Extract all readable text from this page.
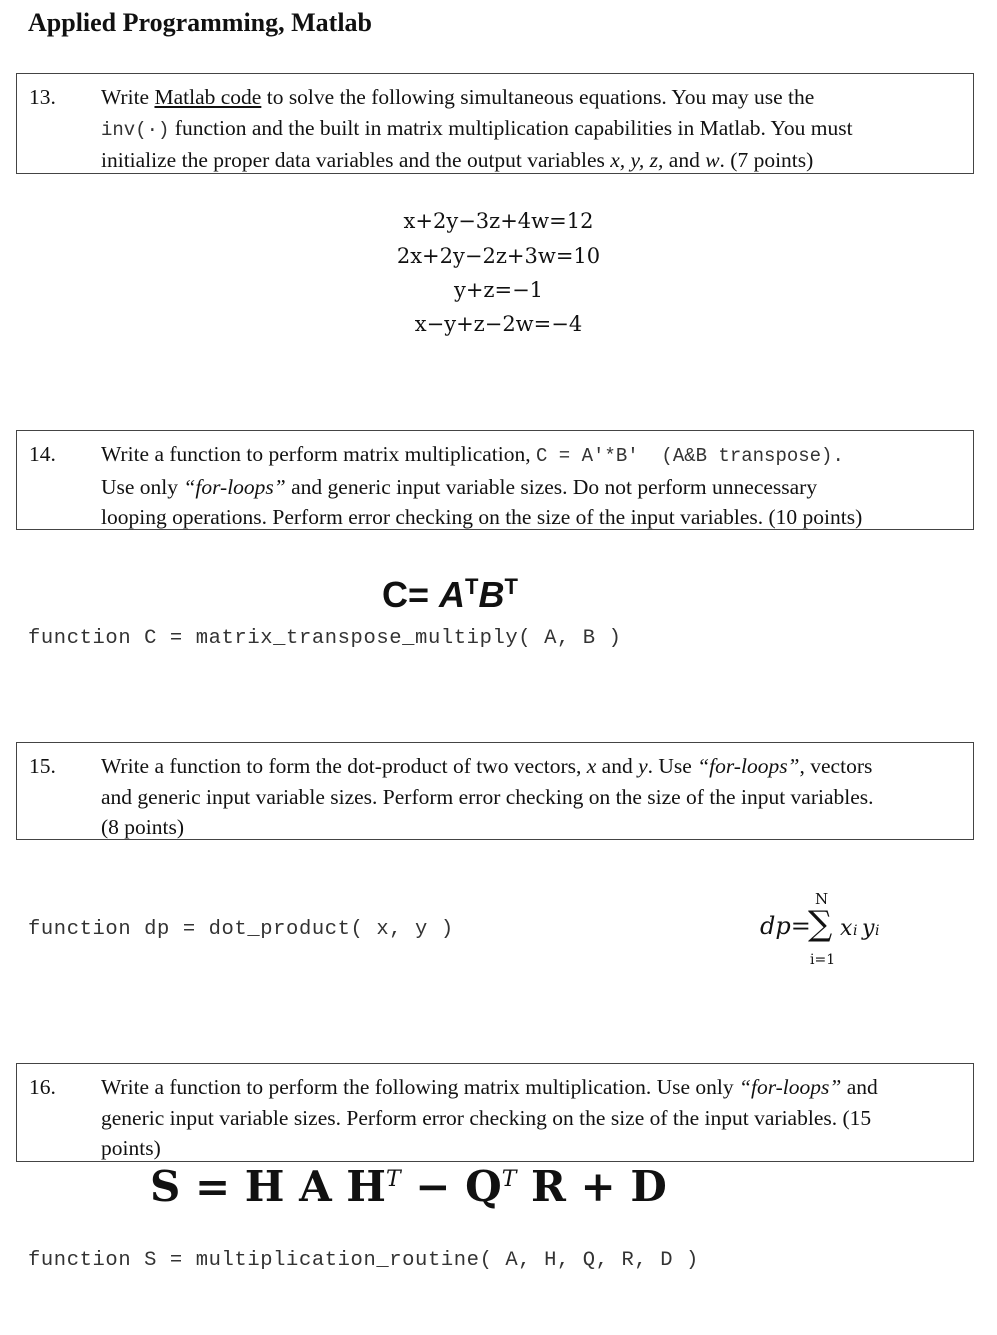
Applied Programming, Matlab
13. Write Matlab code to solve the following simultaneous equations. You may use the
inv(·) function and the built in matrix multiplication capabilities in Matlab. You must
initialize the proper data variables and the output variables x, y, z, and w. (7 points)
x+2y−3z+4w=12
2x+2y−2z+3w=10
y+z=−1
x−y+z−2w=−4
14. Write a function to perform matrix multiplication, C = A'*B'  (A&B transpose).
Use only “for-loops” and generic input variable sizes. Do not perform unnecessary
looping operations. Perform error checking on the size of the input variables. (10 points)
$C= A^TB^T$
function C = matrix_transpose_multiply( A, B )
15. Write a function to form the dot-product of two vectors, x and y. Use “for-loops”, vectors
and generic input variable sizes. Perform error checking on the size of the input variables.
(8 points)
function dp = dot_product( x, y )	dp=
N
∑
i=1
x i y i
16. Write a function to perform the following matrix multiplication. Use only “for-loops” and
generic input variable sizes. Perform error checking on the size of the input variables. (15
points)
S = H A $H^T - Q^T$ R + D
function S = multiplication_routine( A, H, Q, R, D )
